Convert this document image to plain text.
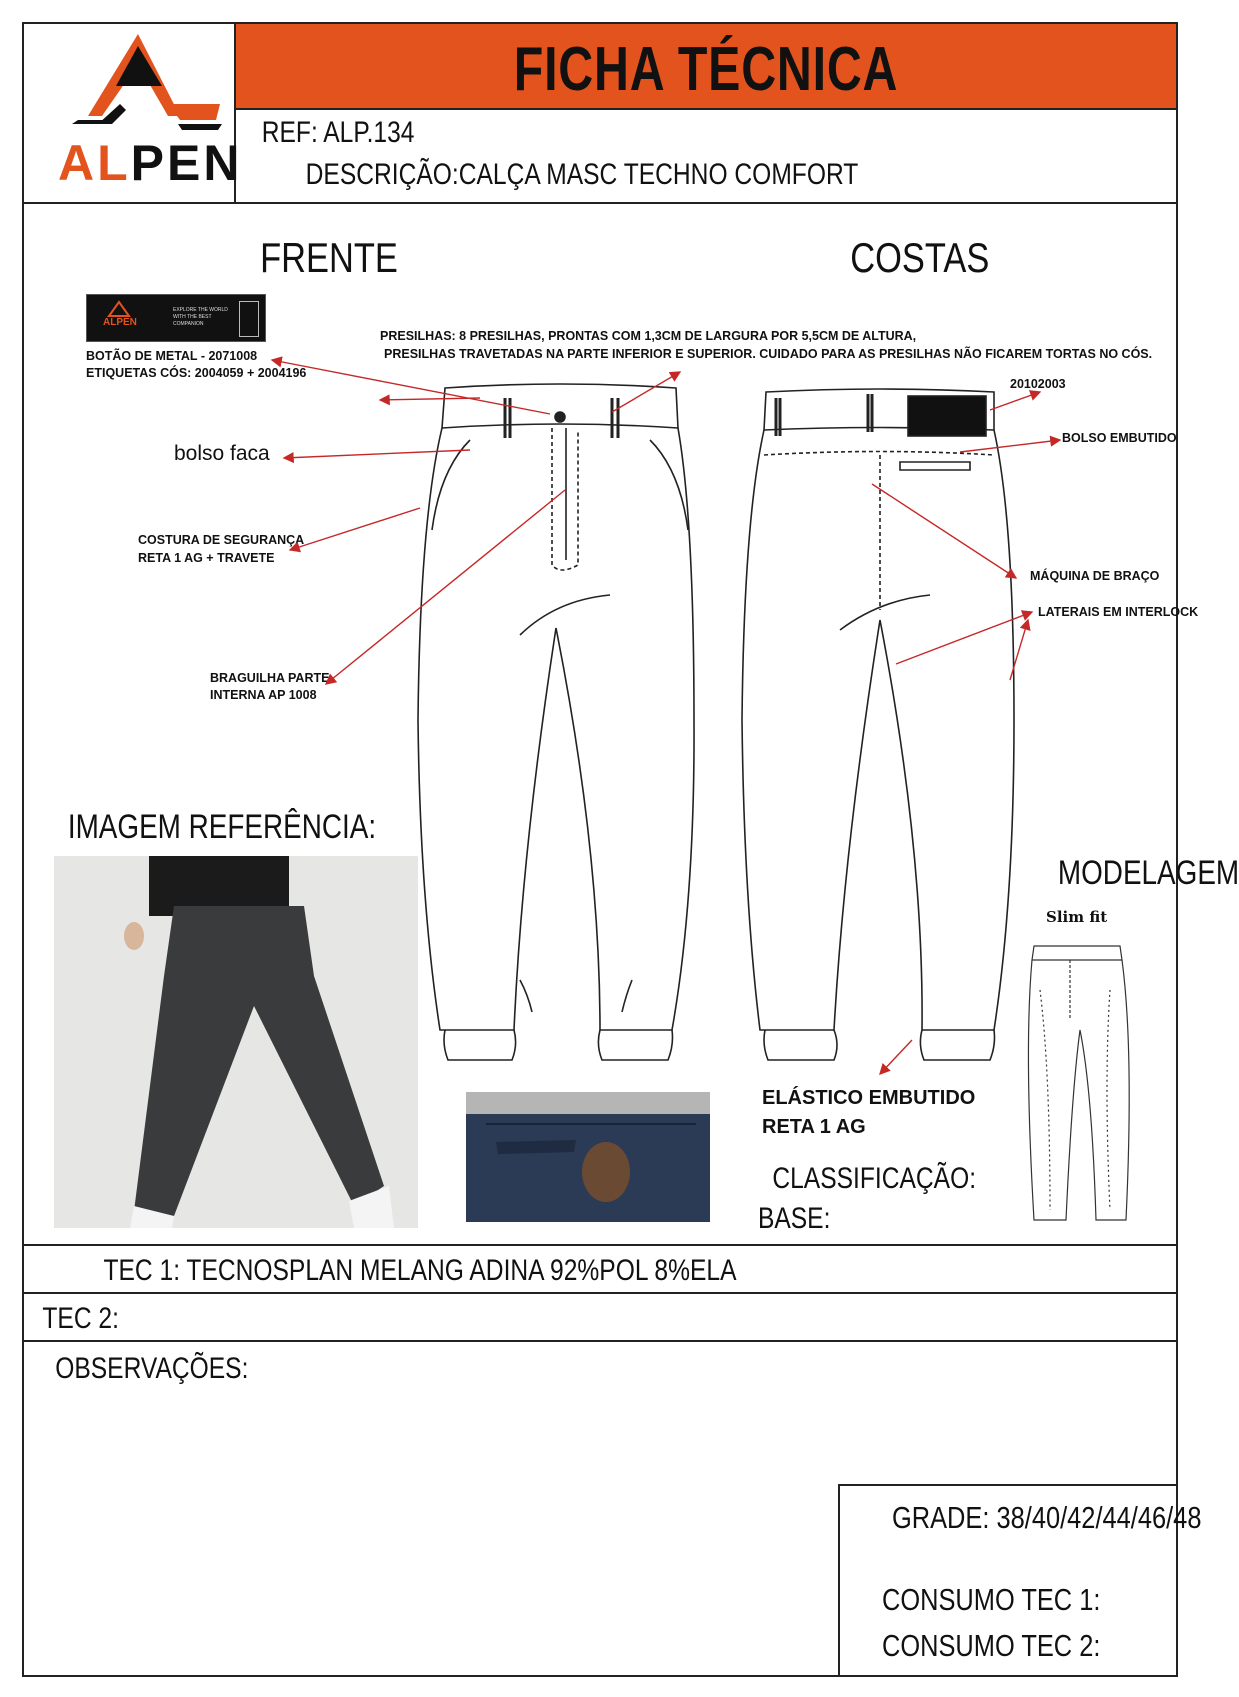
ALPEN
FICHA TÉCNICA
REF: ALP.134
DESCRIÇÃO:CALÇA MASC TECHNO COMFORT
FRENTE	COSTAS
ALPEN
EXPLORE THE WORLD WITH THE BEST COMPANION
PRESILHAS: 8 PRESILHAS, PRONTAS COM 1,3CM DE LARGURA POR 5,5CM DE ALTURA,
PRESILHAS TRAVETADAS NA PARTE INFERIOR E SUPERIOR. CUIDADO PARA AS PRESILHAS NÃO FICAREM TORTAS NO CÓS.
BOTÃO DE METAL - 2071008
ETIQUETAS CÓS: 2004059 + 2004196
bolso faca
COSTURA DE SEGURANÇA
RETA 1 AG + TRAVETE
BRAGUILHA PARTE
INTERNA AP 1008
20102003
BOLSO EMBUTIDO
MÁQUINA DE BRAÇO
LATERAIS EM INTERLOCK
ELÁSTICO EMBUTIDO
RETA 1 AG
IMAGEM REFERÊNCIA:
MODELAGEM
Slim fit
CLASSIFICAÇÃO:
BASE:
TEC 1: TECNOSPLAN MELANG ADINA 92%POL 8%ELA
TEC 2:
OBSERVAÇÕES:
GRADE: 38/40/42/44/46/48
CONSUMO TEC 1:
CONSUMO TEC 2:
